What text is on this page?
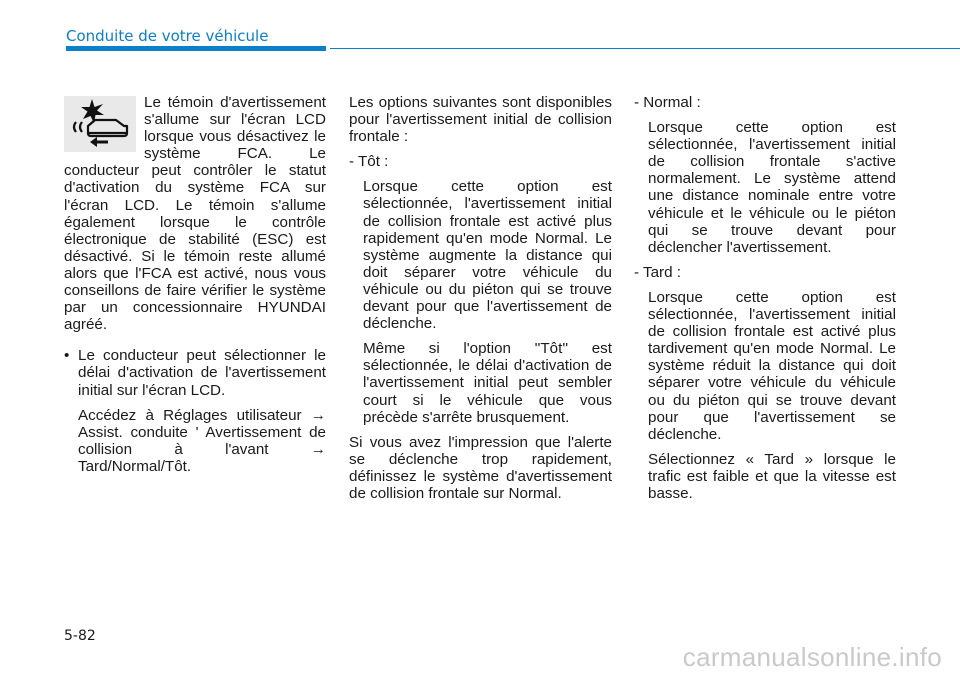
Conduite de votre véhicule

Le témoin d'avertissement s'allume sur l'écran LCD lorsque vous désactivez le système FCA. Le conducteur peut contrôler le statut d'activation du système FCA sur l'écran LCD. Le témoin s'allume également lorsque le contrôle électronique de stabilité (ESC) est désactivé. Si le témoin reste allumé alors que l'FCA est activé, nous vous conseillons de faire vérifier le système par un concessionnaire HYUNDAI agréé.

• Le conducteur peut sélectionner le délai d'activation de l'avertissement initial sur l'écran LCD.

Accédez à Réglages utilisateur → Assist. conduite ' Avertissement de collision à l'avant → Tard/Normal/Tôt.

Les options suivantes sont disponibles pour l'avertissement initial de collision frontale :

- Tôt :

Lorsque cette option est sélectionnée, l'avertissement initial de collision frontale est activé plus rapidement qu'en mode Normal. Le système augmente la distance qui doit séparer votre véhicule du véhicule ou du piéton qui se trouve devant pour que l'avertissement de déclenche.

Même si l'option ''Tôt'' est sélectionnée, le délai d'activation de l'avertissement initial peut sembler court si le véhicule que vous précède s'arrête brusquement.

Si vous avez l'impression que l'alerte se déclenche trop rapidement, définissez le système d'avertissement de collision frontale sur Normal.

- Normal :

Lorsque cette option est sélectionnée, l'avertissement initial de collision frontale s'active normalement. Le système attend une distance nominale entre votre véhicule et le véhicule ou le piéton qui se trouve devant pour déclencher l'avertissement.

- Tard :

Lorsque cette option est sélectionnée, l'avertissement initial de collision frontale est activé plus tardivement qu'en mode Normal. Le système réduit la distance qui doit séparer votre véhicule du véhicule ou du piéton qui se trouve devant pour que l'avertissement se déclenche.

Sélectionnez « Tard » lorsque le trafic est faible et que la vitesse est basse.

5-82
carmanualsonline.info
